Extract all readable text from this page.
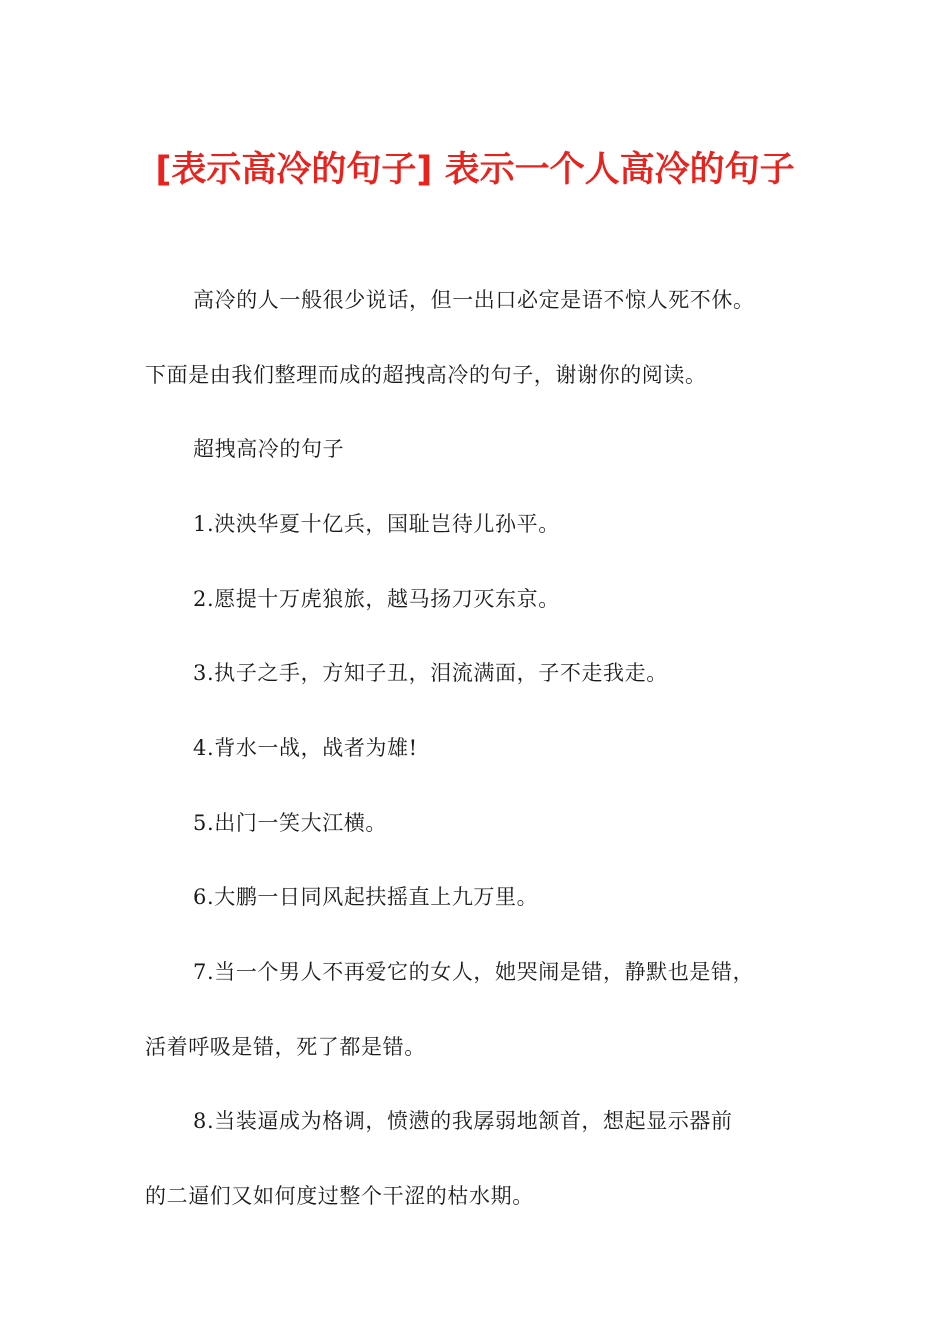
[表示高冷的句子] 表示一个人高冷的句子

高冷的人一般很少说话，但一出口必定是语不惊人死不休。

下面是由我们整理而成的超拽高冷的句子，谢谢你的阅读。

超拽高冷的句子

1.泱泱华夏十亿兵，国耻岂待儿孙平。

2.愿提十万虎狼旅，越马扬刀灭东京。

3.执子之手，方知子丑，泪流满面，子不走我走。

4.背水一战，战者为雄!

5.出门一笑大江横。

6.大鹏一日同风起扶摇直上九万里。

7.当一个男人不再爱它的女人，她哭闹是错，静默也是错，

活着呼吸是错，死了都是错。

8.当装逼成为格调，愤懑的我孱弱地颔首，想起显示器前

的二逼们又如何度过整个干涩的枯水期。
